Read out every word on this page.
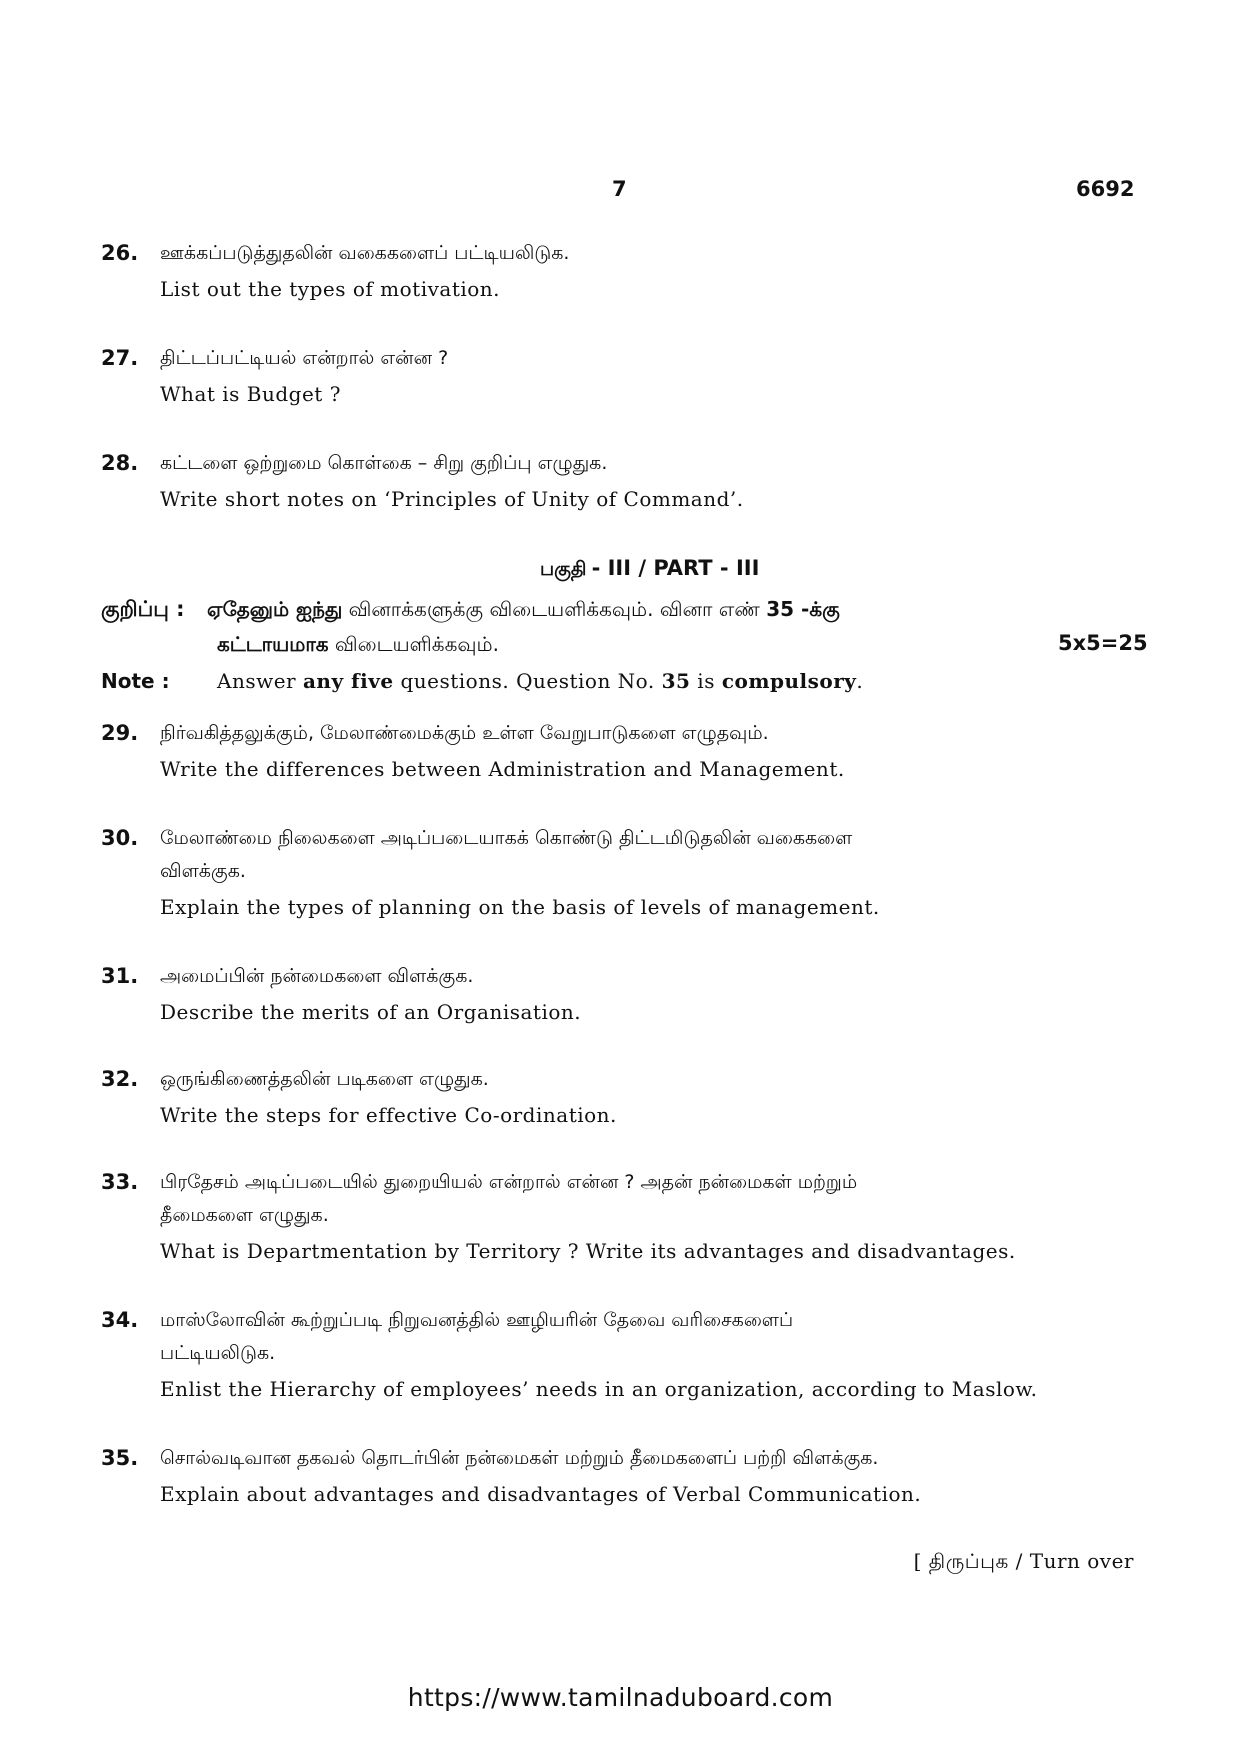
7	6692
26. ஊக்கப்படுத்துதலின் வகைகளைப் பட்டியலிடுக.
List out the types of motivation.
27. திட்டப்பட்டியல் என்றால் என்ன ?
What is Budget ?
28. கட்டளை ஒற்றுமை கொள்கை – சிறு குறிப்பு எழுதுக.
Write short notes on ‘Principles of Unity of Command’.
பகுதி - III / PART - III
குறிப்பு : ஏதேனும் ஐந்து வினாக்களுக்கு விடையளிக்கவும். வினா எண் 35 -க்கு
கட்டாயமாக விடையளிக்கவும்.	5x5=25
Note : Answer any five questions. Question No. 35 is compulsory.
29. நிர்வகித்தலுக்கும், மேலாண்மைக்கும் உள்ள வேறுபாடுகளை எழுதவும்.
Write the differences between Administration and Management.
30. மேலாண்மை நிலைகளை அடிப்படையாகக் கொண்டு திட்டமிடுதலின் வகைகளை
விளக்குக.
Explain the types of planning on the basis of levels of management.
31. அமைப்பின் நன்மைகளை விளக்குக.
Describe the merits of an Organisation.
32. ஒருங்கிணைத்தலின் படிகளை எழுதுக.
Write the steps for effective Co-ordination.
33. பிரதேசம் அடிப்படையில் துறையியல் என்றால் என்ன ? அதன் நன்மைகள் மற்றும்
தீமைகளை எழுதுக.
What is Departmentation by Territory ? Write its advantages and disadvantages.
34. மாஸ்லோவின் கூற்றுப்படி நிறுவனத்தில் ஊழியரின் தேவை வரிசைகளைப்
பட்டியலிடுக.
Enlist the Hierarchy of employees’ needs in an organization, according to Maslow.
35. சொல்வடிவான தகவல் தொடர்பின் நன்மைகள் மற்றும் தீமைகளைப் பற்றி விளக்குக.
Explain about advantages and disadvantages of Verbal Communication.
[ திருப்புக / Turn over
https://www.tamilnaduboard.com
